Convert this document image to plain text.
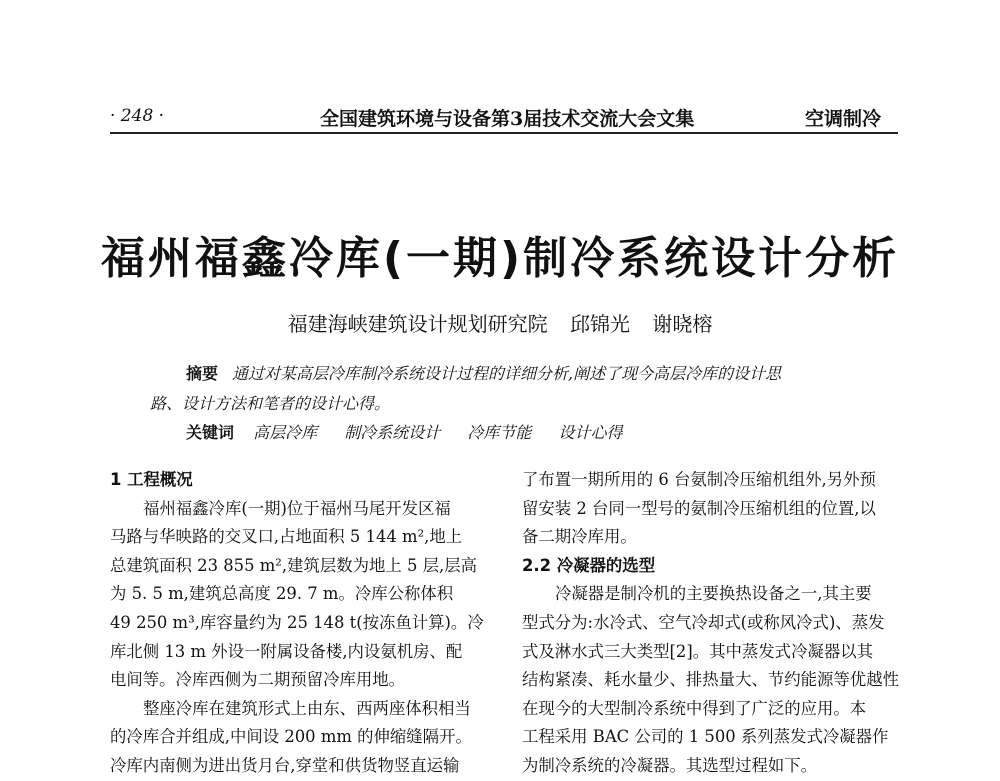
· 248 ·	全国建筑环境与设备第3届技术交流大会文集	空调制冷
福州福鑫冷库(一期)制冷系统设计分析
福建海峡建筑设计规划研究院 邱锦光 谢晓榕
摘要 通过对某高层冷库制冷系统设计过程的详细分析,阐述了现今高层冷库的设计思
路、设计方法和笔者的设计心得。
关键词 高层冷库 制冷系统设计 冷库节能 设计心得
1 工程概况
福州福鑫冷库(一期)位于福州马尾开发区福
马路与华映路的交叉口,占地面积 5 144 m²,地上
总建筑面积 23 855 m²,建筑层数为地上 5 层,层高
为 5. 5 m,建筑总高度 29. 7 m。冷库公称体积
49 250 m³,库容量约为 25 148 t(按冻鱼计算)。冷
库北侧 13 m 外设一附属设备楼,内设氨机房、配
电间等。冷库西侧为二期预留冷库用地。
整座冷库在建筑形式上由东、西两座体积相当
的冷库合并组成,中间设 200 mm 的伸缩缝隔开。
冷库内南侧为进出货月台,穿堂和供货物竖直运输
了布置一期所用的 6 台氨制冷压缩机组外,另外预
留安装 2 台同一型号的氨制冷压缩机组的位置,以
备二期冷库用。
2.2 冷凝器的选型
冷凝器是制冷机的主要换热设备之一,其主要
型式分为:水冷式、空气冷却式(或称风冷式)、蒸发
式及淋水式三大类型[2]。其中蒸发式冷凝器以其
结构紧凑、耗水量少、排热量大、节约能源等优越性
在现今的大型制冷系统中得到了广泛的应用。本
工程采用 BAC 公司的 1 500 系列蒸发式冷凝器作
为制冷系统的冷凝器。其选型过程如下。
